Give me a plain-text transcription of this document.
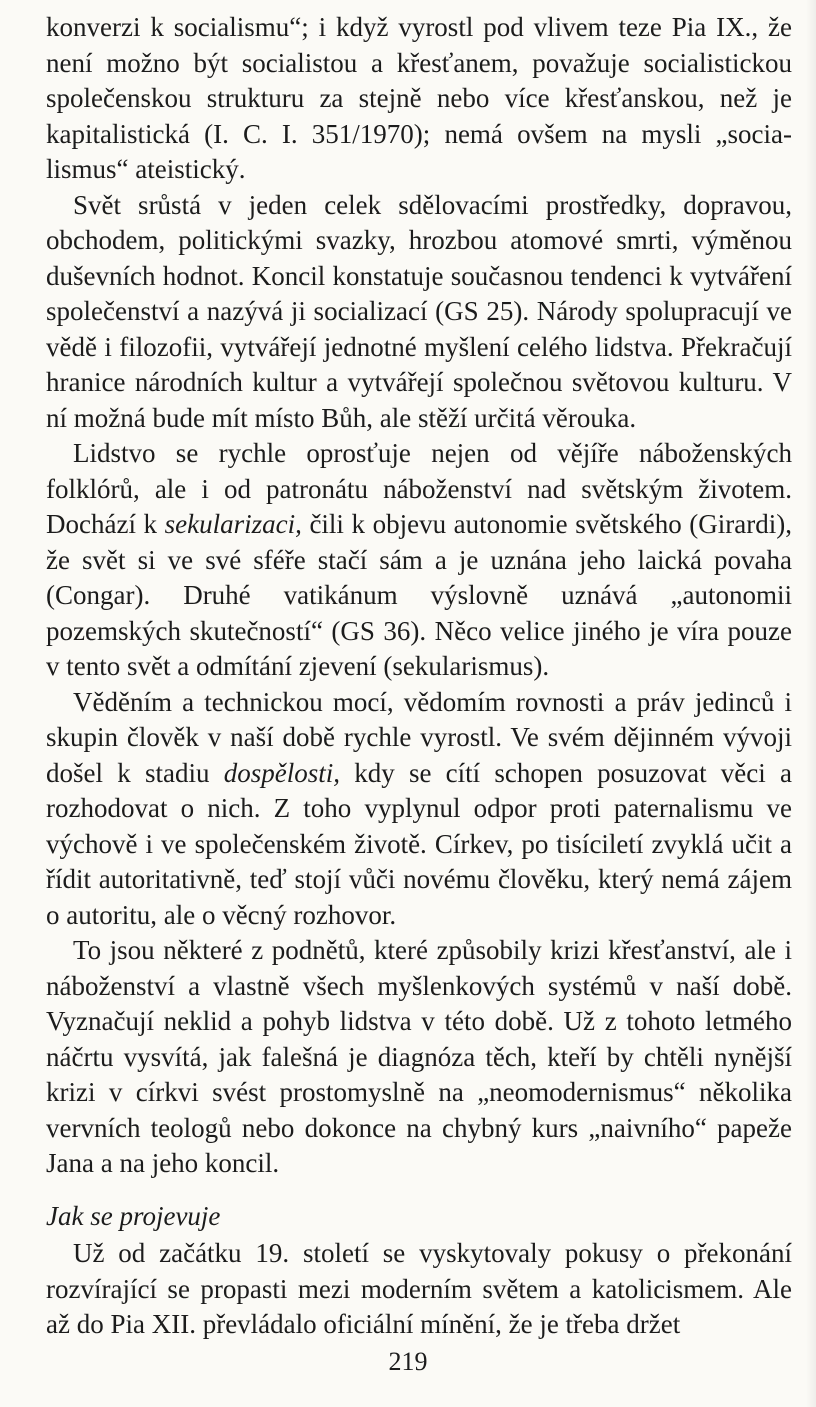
konverzi k socialismu“; i když vyrostl pod vlivem teze Pia IX., že není možno být socialistou a křesťanem, považuje socialistickou společenskou strukturu za stejně nebo více křesťanskou, než je kapitalistická (I. C. I. 351/1970); nemá ovšem na mysli „socialismus“ ateistický.

Svět srůstá v jeden celek sdělovacími prostředky, dopravou, obchodem, politickými svazky, hrozbou atomové smrti, výměnou duševních hodnot. Koncil konstatuje současnou tendenci k vytváření společenství a nazývá ji socializací (GS 25). Národy spolupracují ve vědě i filozofii, vytvářejí jednotné myšlení celého lidstva. Překračují hranice národních kultur a vytvářejí společnou světovou kulturu. V ní možná bude mít místo Bůh, ale stěží určitá věrouka.

Lidstvo se rychle oprosťuje nejen od vějíře náboženských folklórů, ale i od patronátu náboženství nad světským životem. Dochází k sekularizaci, čili k objevu autonomie světského (Girardi), že svět si ve své sféře stačí sám a je uznána jeho laická povaha (Congar). Druhé vatikánum výslovně uznává „autonomii pozemských skutečností“ (GS 36). Něco velice jiného je víra pouze v tento svět a odmítání zjevení (sekularismus).

Věděním a technickou mocí, vědomím rovnosti a práv jedinců i skupin člověk v naší době rychle vyrostl. Ve svém dějinném vývoji došel k stadiu dospělosti, kdy se cítí schopen posuzovat věci a rozhodovat o nich. Z toho vyplynul odpor proti paternalismu ve výchově i ve společenském životě. Církev, po tisíciletí zvyklá učit a řídit autoritativně, teď stojí vůči novému člověku, který nemá zájem o autoritu, ale o věcný rozhovor.

To jsou některé z podnětů, které způsobily krizi křesťanství, ale i náboženství a vlastně všech myšlenkových systémů v naší době. Vyznačují neklid a pohyb lidstva v této době. Už z tohoto letmého náčrtu vysvítá, jak falešná je diagnóza těch, kteří by chtěli nynější krizi v církvi svést prostomyslně na „neomodernismus“ několika vervních teologů nebo dokonce na chybný kurs „naivního“ papeže Jana a na jeho koncil.

Jak se projevuje

Už od začátku 19. století se vyskytovaly pokusy o překonání rozvírající se propasti mezi moderním světem a katolicismem. Ale až do Pia XII. převládalo oficiální mínění, že je třeba držet

219
